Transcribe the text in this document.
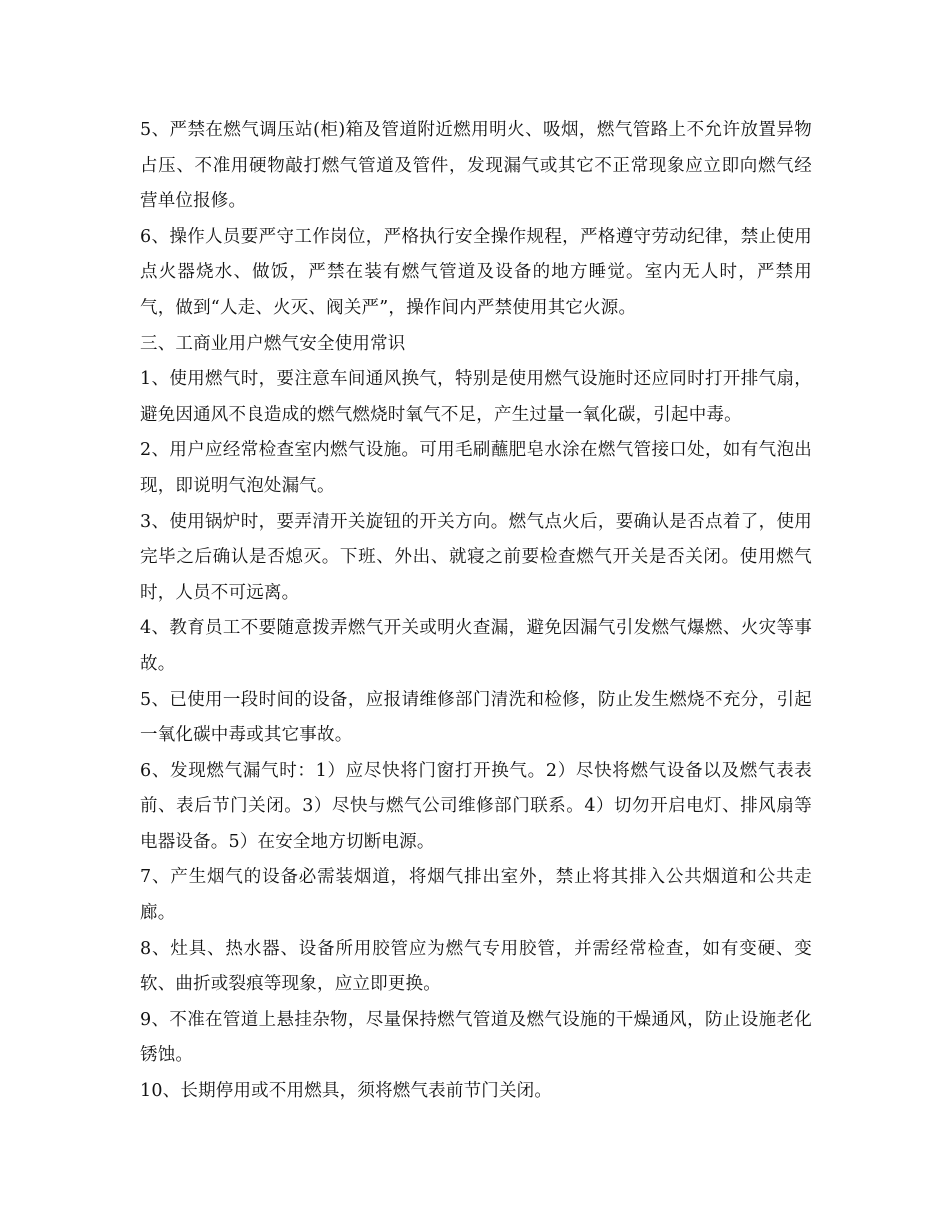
5、严禁在燃气调压站(柜)箱及管道附近燃用明火、吸烟，燃气管路上不允许放置异物占压、不准用硬物敲打燃气管道及管件，发现漏气或其它不正常现象应立即向燃气经营单位报修。

6、操作人员要严守工作岗位，严格执行安全操作规程，严格遵守劳动纪律，禁止使用点火器烧水、做饭，严禁在装有燃气管道及设备的地方睡觉。室内无人时，严禁用气，做到“人走、火灭、阀关严”，操作间内严禁使用其它火源。

三、工商业用户燃气安全使用常识

1、使用燃气时，要注意车间通风换气，特别是使用燃气设施时还应同时打开排气扇，避免因通风不良造成的燃气燃烧时氧气不足，产生过量一氧化碳，引起中毒。

2、用户应经常检查室内燃气设施。可用毛刷蘸肥皂水涂在燃气管接口处，如有气泡出现，即说明气泡处漏气。

3、使用锅炉时，要弄清开关旋钮的开关方向。燃气点火后，要确认是否点着了，使用完毕之后确认是否熄灭。下班、外出、就寝之前要检查燃气开关是否关闭。使用燃气时，人员不可远离。

4、教育员工不要随意拨弄燃气开关或明火查漏，避免因漏气引发燃气爆燃、火灾等事故。

5、已使用一段时间的设备，应报请维修部门清洗和检修，防止发生燃烧不充分，引起一氧化碳中毒或其它事故。

6、发现燃气漏气时：1）应尽快将门窗打开换气。2）尽快将燃气设备以及燃气表表前、表后节门关闭。3）尽快与燃气公司维修部门联系。4）切勿开启电灯、排风扇等电器设备。5）在安全地方切断电源。

7、产生烟气的设备必需装烟道，将烟气排出室外，禁止将其排入公共烟道和公共走廊。

8、灶具、热水器、设备所用胶管应为燃气专用胶管，并需经常检查，如有变硬、变软、曲折或裂痕等现象，应立即更换。

9、不准在管道上悬挂杂物，尽量保持燃气管道及燃气设施的干燥通风，防止设施老化锈蚀。

10、长期停用或不用燃具，须将燃气表前节门关闭。
